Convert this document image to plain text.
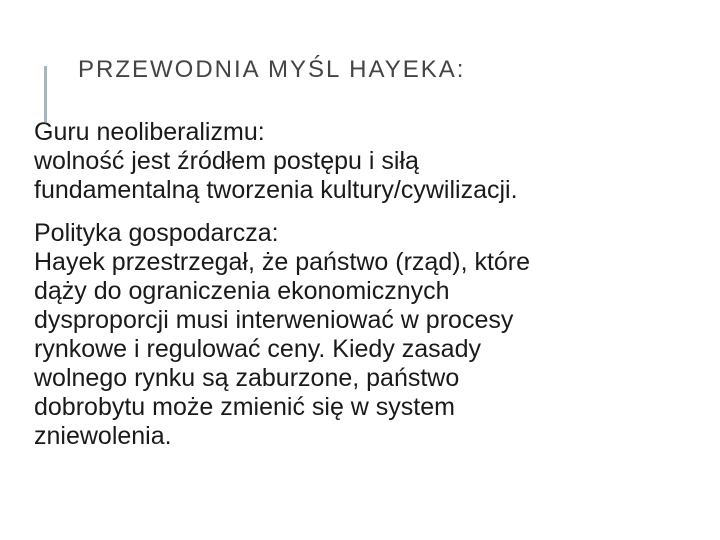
PRZEWODNIA MYŚL HAYEKA:

Guru neoliberalizmu:
wolność jest źródłem postępu i siłą
fundamentalną tworzenia kultury/cywilizacji.

Polityka gospodarcza:
Hayek przestrzegał, że państwo (rząd), które
dąży do ograniczenia ekonomicznych
dysproporcji musi interweniować w procesy
rynkowe i regulować ceny. Kiedy zasady
wolnego rynku są zaburzone, państwo
dobrobytu może zmienić się w system
zniewolenia.
